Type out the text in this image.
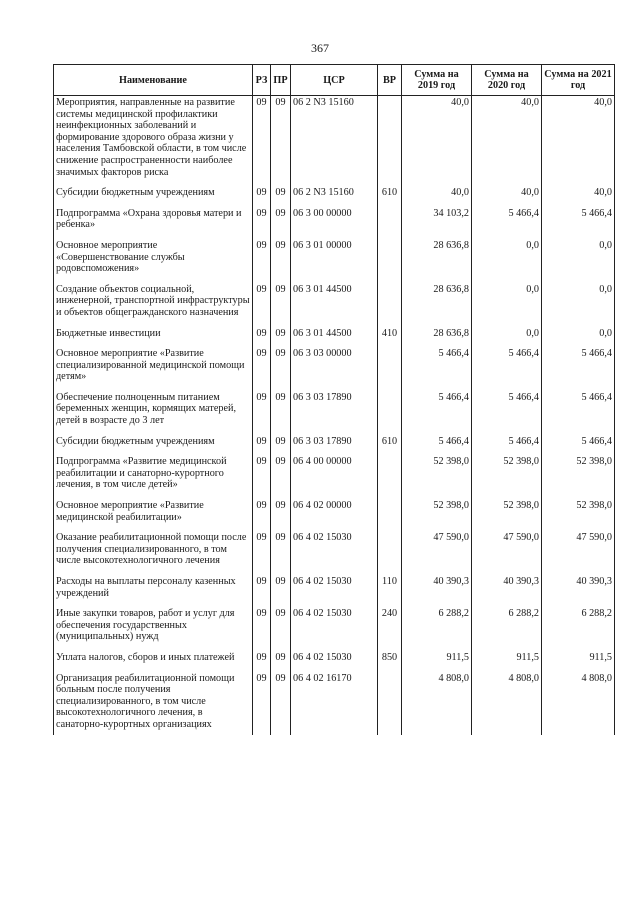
367
Наименование	РЗ	ПР	ЦСР	ВР	Сумма на 2019 год	Сумма на 2020 год	Сумма на 2021 год
Мероприятия, направленные на развитие системы медицинской профилактики неинфекционных заболеваний и формирование здорового образа жизни у населения Тамбовской области, в том числе снижение распространенности наиболее значимых факторов риска	09	09	06 2 N3 15160		40,0	40,0	40,0
Субсидии бюджетным учреждениям	09	09	06 2 N3 15160	610	40,0	40,0	40,0
Подпрограмма «Охрана здоровья матери и ребенка»	09	09	06 3 00 00000		34 103,2	5 466,4	5 466,4
Основное мероприятие «Совершенствование службы родовспоможения»	09	09	06 3 01 00000		28 636,8	0,0	0,0
Создание объектов социальной, инженерной, транспортной инфраструктуры и объектов общегражданского назначения	09	09	06 3 01 44500		28 636,8	0,0	0,0
Бюджетные инвестиции	09	09	06 3 01 44500	410	28 636,8	0,0	0,0
Основное мероприятие «Развитие специализированной медицинской помощи детям»	09	09	06 3 03 00000		5 466,4	5 466,4	5 466,4
Обеспечение полноценным питанием беременных женщин, кормящих матерей, детей в возрасте до 3 лет	09	09	06 3 03 17890		5 466,4	5 466,4	5 466,4
Субсидии бюджетным учреждениям	09	09	06 3 03 17890	610	5 466,4	5 466,4	5 466,4
Подпрограмма «Развитие медицинской реабилитации и санаторно-курортного лечения, в том числе детей»	09	09	06 4 00 00000		52 398,0	52 398,0	52 398,0
Основное мероприятие «Развитие медицинской реабилитации»	09	09	06 4 02 00000		52 398,0	52 398,0	52 398,0
Оказание реабилитационной помощи после получения специализированного, в том числе высокотехнологичного лечения	09	09	06 4 02 15030		47 590,0	47 590,0	47 590,0
Расходы на выплаты персоналу казенных учреждений	09	09	06 4 02 15030	110	40 390,3	40 390,3	40 390,3
Иные закупки товаров, работ и услуг для обеспечения государственных (муниципальных) нужд	09	09	06 4 02 15030	240	6 288,2	6 288,2	6 288,2
Уплата налогов, сборов и иных платежей	09	09	06 4 02 15030	850	911,5	911,5	911,5
Организация реабилитационной помощи больным после получения специализированного, в том числе высокотехнологичного лечения, в санаторно-курортных организациях	09	09	06 4 02 16170		4 808,0	4 808,0	4 808,0
